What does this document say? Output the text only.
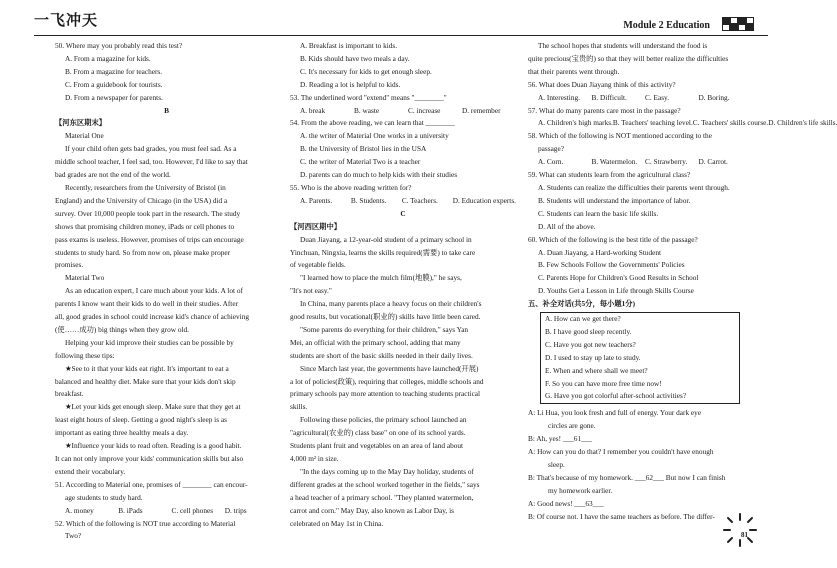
一飞冲天	Module 2 Education
50. Where may you probably read this test?
A. From a magazine for kids.
B. From a magazine for teachers.
C. From a guidebook for tourists.
D. From a newspaper for parents.
B
【河东区期末】
Material One
If your child often gets bad grades, you must feel sad. As a
middle school teacher, I feel sad, too. However, I'd like to say that
bad grades are not the end of the world.
Recently, researchers from the University of Bristol (in
England) and the University of Chicago (in the USA) did a
survey. Over 10,000 people took part in the research. The study
shows that promising children money, iPads or cell phones to
pass exams is useless. However, promises of trips can encourage
students to study hard. So from now on, please make proper
promises.
Material Two
As an education expert, I care much about your kids. A lot of
parents I know want their kids to do well in their studies. After
all, good grades in school could increase kid's chance of achieving
(使……成功) big things when they grow old.
Helping your kid improve their studies can be possible by
following these tips:
★See to it that your kids eat right. It's important to eat a
balanced and healthy diet. Make sure that your kids don't skip
breakfast.
★Let your kids get enough sleep. Make sure that they get at
least eight hours of sleep. Getting a good night's sleep is as
important as eating three healthy meals a day.
★Influence your kids to read often. Reading is a good habit.
It can not only improve your kids' communication skills but also
extend their vocabulary.
51. According to Material one, promises of ________ can encour-
age students to study hard.
A. money	B. iPads	C. cell phones	D. trips
52. Which of the following is NOT true according to Material
Two?
A. Breakfast is important to kids.
B. Kids should have two meals a day.
C. It's necessary for kids to get enough sleep.
D. Reading a lot is helpful to kids.
53. The underlined word "extend" means "________"
A. break	B. waste	C. increase	D. remember
54. From the above reading, we can learn that ________
A. the writer of Material One works in a university
B. the University of Bristol lies in the USA
C. the writer of Material Two is a teacher
D. parents can do much to help kids with their studies
55. Who is the above reading written for?
A. Parents.	B. Students.	C. Teachers.	D. Education experts.
C
【河西区期中】
Duan Jiayang, a 12-year-old student of a primary school in
Yinchuan, Ningxia, learns the skills required(需要) to take care
of vegetable fields.
"I learned how to place the mulch film(地膜)," he says,
"It's not easy."
In China, many parents place a heavy focus on their children's
good results, but vocational(职业的) skills have little been cared.
"Some parents do everything for their children," says Yan
Mei, an official with the primary school, adding that many
students are short of the basic skills needed in their daily lives.
Since March last year, the governments have launched(开展)
a lot of policies(政策), requiring that colleges, middle schools and
primary schools pay more attention to teaching students practical
skills.
Following these policies, the primary school launched an
"agricultural(农业的) class base" on one of its school yards.
Students plant fruit and vegetables on an area of land about
4,000 m² in size.
"In the days coming up to the May Day holiday, students of
different grades at the school worked together in the fields," says
a head teacher of a primary school. "They planted watermelon,
carrot and corn." May Day, also known as Labor Day, is
celebrated on May 1st in China.
The school hopes that students will understand the food is
quite precious(宝贵的) so that they will better realize the difficulties
that their parents went through.
56. What does Duan Jiayang think of this activity?
A. Interesting.	B. Difficult.	C. Easy.	D. Boring.
57. What do many parents care most in the passage?
A. Children's high marks. B. Teachers' teaching level. C. Teachers' skills course. D. Children's life skills.
58. Which of the following is NOT mentioned according to the
passage?
A. Corn.	B. Watermelon.	C. Strawberry.	D. Carrot.
59. What can students learn from the agricultural class?
A. Students can realize the difficulties their parents went through.
B. Students will understand the importance of labor.
C. Students can learn the basic life skills.
D. All of the above.
60. Which of the following is the best title of the passage?
A. Duan Jiayang, a Hard-working Student
B. Few Schools Follow the Governments' Policies
C. Parents Hope for Children's Good Results in School
D. Youths Get a Lesson in Life through Skills Course
五、补全对话(共5分，每小题1分)
A. How can we get there?
B. I have good sleep recently.
C. Have you got new teachers?
D. I used to stay up late to study.
E. When and where shall we meet?
F. So you can have more free time now!
G. Have you got colorful after-school activities?
A: Li Hua, you look fresh and full of energy. Your dark eye
circles are gone.
B: Ah, yes! ___61___
A: How can you do that? I remember you couldn't have enough
sleep.
B: That's because of my homework. ___62___ But now I can finish
my homework earlier.
A: Good news! ___63___
B: Of course not. I have the same teachers as before. The differ-
81
